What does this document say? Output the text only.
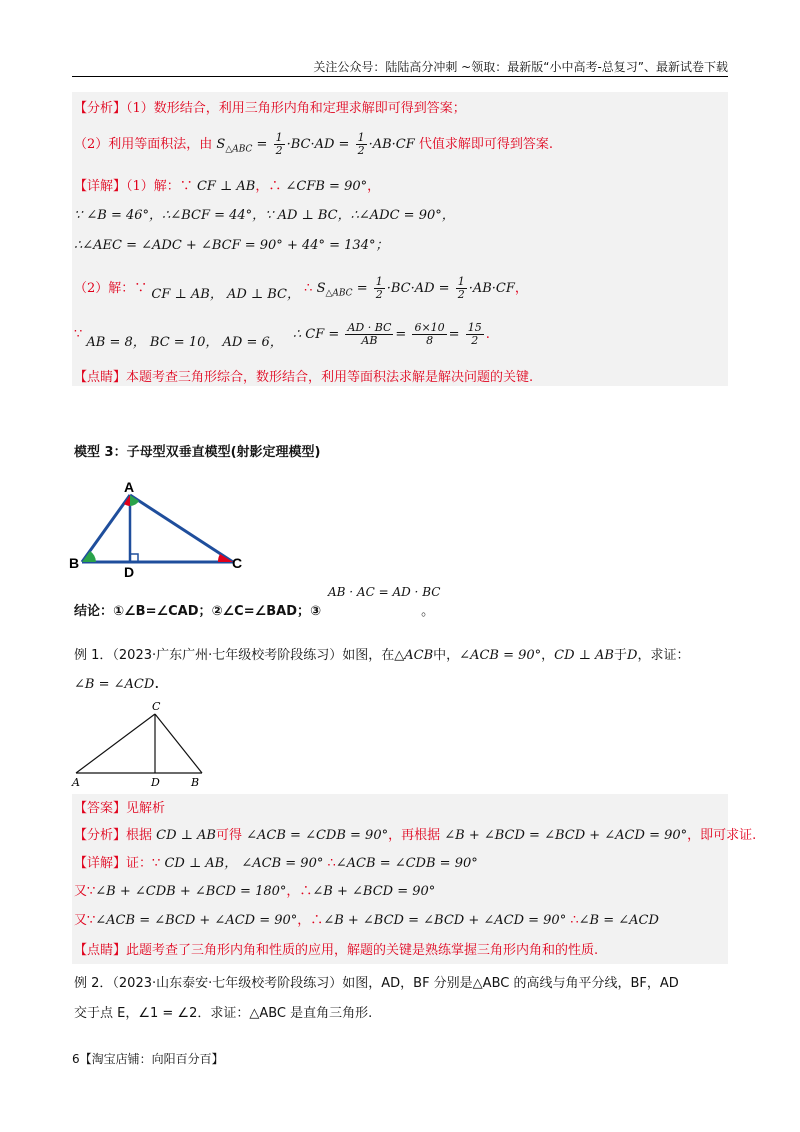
关注公众号：陆陆高分冲刺 ~领取：最新版“小中高考-总复习”、最新试卷下载
【分析】（1）数形结合，利用三角形内角和定理求解即可得到答案；
（2）利用等面积法，由 $S_{\triangle ABC} = \frac{1}{2} \cdot BC\cdot AD = \frac{1}{2} \cdot AB\cdot CF$ 代值求解即可得到答案.
【详解】（1）解：∵ CF ⊥ AB，∴ ∠CFB = 90°，
∵ ∠B = 46°，∴∠BCF = 44°，∵ AD ⊥ BC，∴∠ADC = 90°，
∴∠AEC = ∠ADC + ∠BCF = 90° + 44° = 134°；
（2）解：∵ CF ⊥ AB， AD ⊥ BC， ∴ $S_{\triangle ABC} = \frac{1}{2} \cdot BC\cdot AD = \frac{1}{2} \cdot AB\cdot CF$，
∵ AB = 8， BC = 10， AD = 6， ∴ CF = $\frac{AD \cdot BC}{AB} = \frac{6\times 10}{8} = \frac{15}{2}$ .
【点睛】本题考查三角形综合，数形结合，利用等面积法求解是解决问题的关键.
模型 3：子母型双垂直模型(射影定理模型)
A
B	C
D
AB · AC = AD · BC
结论：①∠B=∠CAD；②∠C=∠BAD；③	。
例 1．（2023·广东广州·七年级校考阶段练习）如图，在△ACB中，∠ACB = 90°，CD ⊥ AB于D，求证：
∠B = ∠ACD.
C
A	D	B
【答案】见解析
【分析】根据 CD ⊥ AB可得 ∠ACB = ∠CDB = 90°，再根据 ∠B + ∠BCD = ∠BCD + ∠ACD = 90°，即可求证.
【详解】证：∵ CD ⊥ AB， ∠ACB = 90° ∴∠ACB = ∠CDB = 90°
又∵∠B + ∠CDB + ∠BCD = 180°，∴∠B + ∠BCD = 90°
又∵∠ACB = ∠BCD + ∠ACD = 90°，∴∠B + ∠BCD = ∠BCD + ∠ACD = 90° ∴∠B = ∠ACD
【点睛】此题考查了三角形内角和性质的应用，解题的关键是熟练掌握三角形内角和的性质.
例 2．（2023·山东泰安·七年级校考阶段练习）如图，AD，BF 分别是△ABC 的高线与角平分线，BF，AD
交于点 E，∠1 = ∠2．求证：△ABC 是直角三角形.
6【淘宝店铺：向阳百分百】
